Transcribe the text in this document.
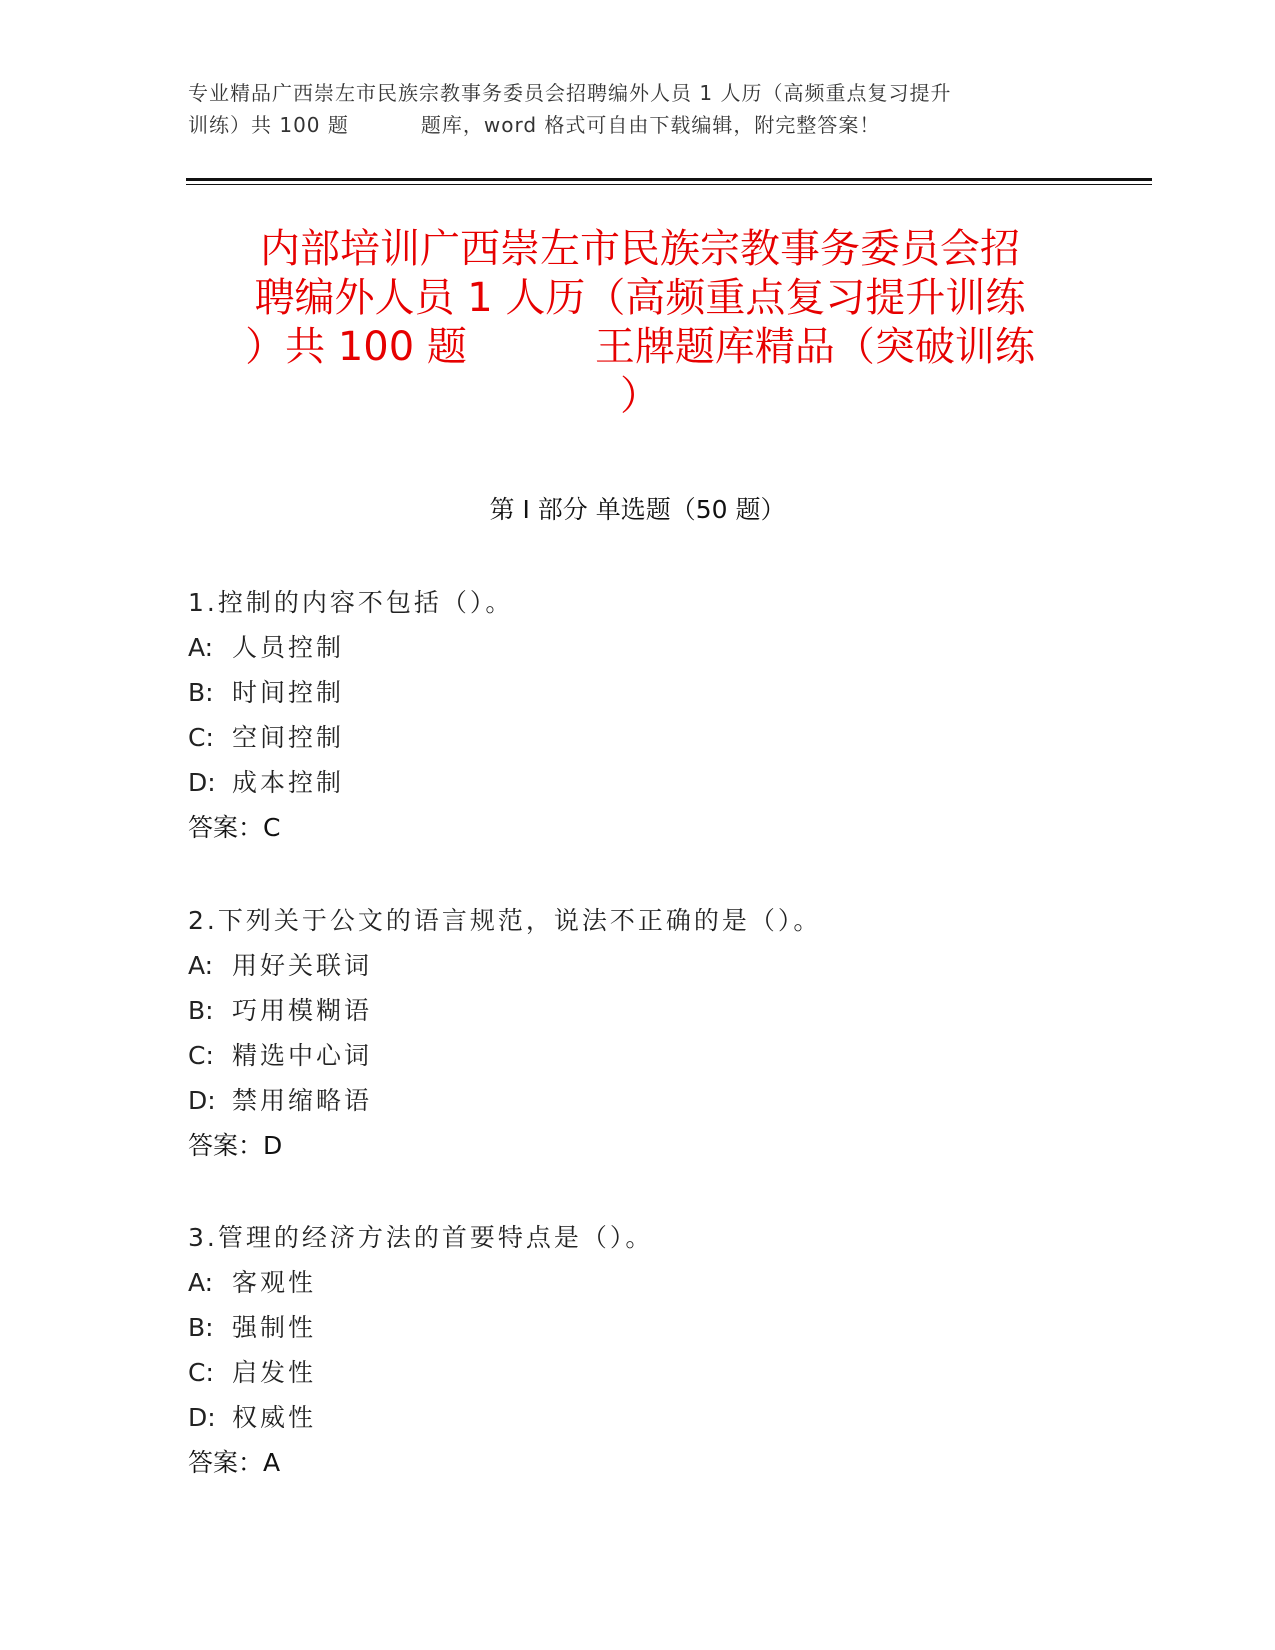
专业精品广西崇左市民族宗教事务委员会招聘编外人员 1 人历（高频重点复习提升
训练）共 100 题	题库，word 格式可自由下载编辑，附完整答案！
内部培训广西崇左市民族宗教事务委员会招
聘编外人员 1 人历（高频重点复习提升训练
）共 100 题	王牌题库精品（突破训练
）
第 I 部分 单选题（50 题）
1.控制的内容不包括（）。
A: 人员控制
B: 时间控制
C: 空间控制
D: 成本控制
答案：C
2.下列关于公文的语言规范，说法不正确的是（）。
A: 用好关联词
B: 巧用模糊语
C: 精选中心词
D: 禁用缩略语
答案：D
3.管理的经济方法的首要特点是（）。
A: 客观性
B: 强制性
C: 启发性
D: 权威性
答案：A
